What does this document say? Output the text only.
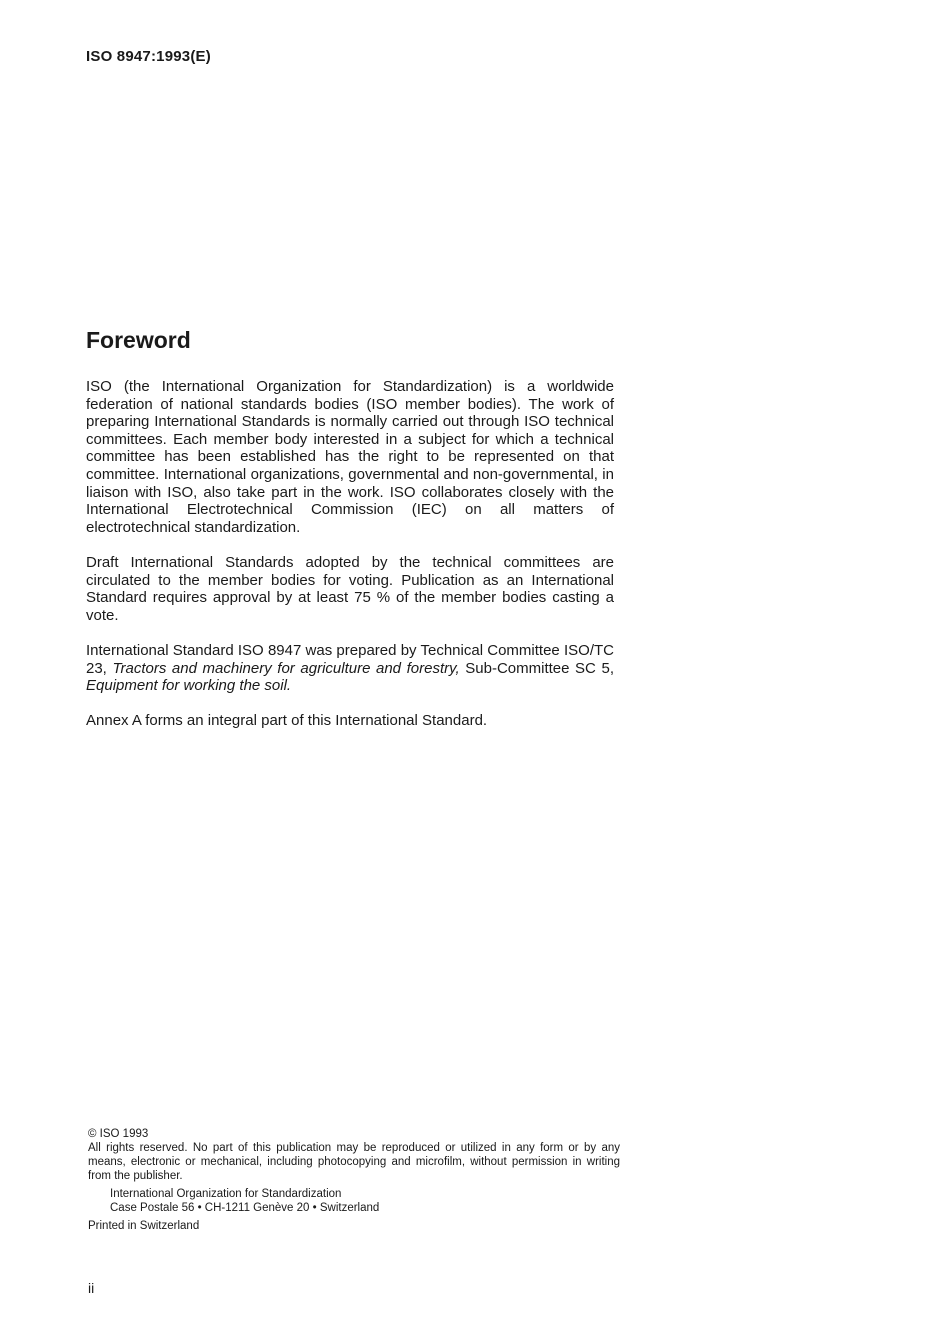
ISO 8947:1993(E)
Foreword

ISO (the International Organization for Standardization) is a worldwide federation of national standards bodies (ISO member bodies). The work of preparing International Standards is normally carried out through ISO technical committees. Each member body interested in a subject for which a technical committee has been established has the right to be represented on that committee. International organizations, governmental and non-governmental, in liaison with ISO, also take part in the work. ISO collaborates closely with the International Electrotechnical Commission (IEC) on all matters of electrotechnical standardization.

Draft International Standards adopted by the technical committees are circulated to the member bodies for voting. Publication as an International Standard requires approval by at least 75 % of the member bodies casting a vote.

International Standard ISO 8947 was prepared by Technical Committee ISO/TC 23, Tractors and machinery for agriculture and forestry, Sub-Committee SC 5, Equipment for working the soil.

Annex A forms an integral part of this International Standard.

© ISO 1993
All rights reserved. No part of this publication may be reproduced or utilized in any form or by any means, electronic or mechanical, including photocopying and microfilm, without permission in writing from the publisher.
International Organization for Standardization
Case Postale 56 • CH-1211 Genève 20 • Switzerland
Printed in Switzerland
ii
